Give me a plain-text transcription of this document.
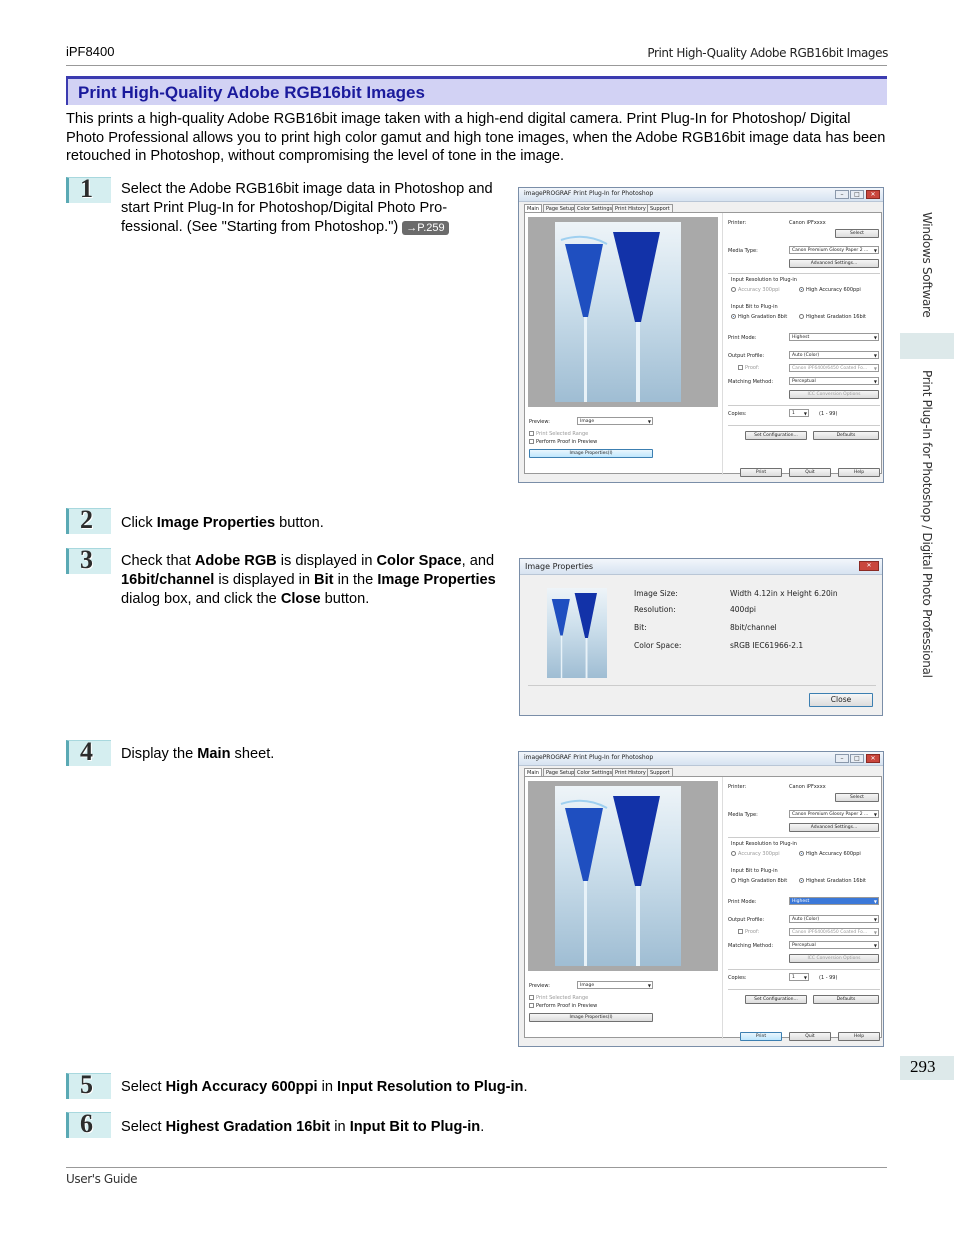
iPF8400	Print High-Quality Adobe RGB16bit Images
Print High-Quality Adobe RGB16bit Images
This prints a high-quality Adobe RGB16bit image taken with a high-end digital camera. Print Plug-In for Photoshop/ Digital Photo Professional allows you to print high color gamut and high tone images, when the Adobe RGB16bit image data has been retouched in Photoshop, without compromising the level of tone in the image.
1 Select the Adobe RGB16bit image data in Photoshop and start Print Plug-In for Photoshop/Digital Photo Pro-fessional. (See "Starting from Photoshop.") →P.259
imagePROGRAF Print Plug-In for Photoshop	–	□	✕
Main	Page Setup Color Settings Print History Support
Printer:	Canon iPFxxxx
Select
Media Type:	Canon Premium Glossy Paper 2 ... ▼
Advanced Settings...
Input Resolution to Plug-in
Accuracy 300ppi	High Accuracy 600ppi
Input Bit to Plug-in
High Gradation 8bit	Highest Gradation 16bit
Print Mode:	Highest ▼
Output Profile:	Auto (Color) ▼
Proof:	Canon iPF6400/6450 Coated Fo... ▼
Matching Method:	Perceptual ▼
ICC Conversion Options
Copies:	1 ▼	(1 - 99)
Set Configuration...	Defaults
Preview:	Image ▼
Print Selected Range
Perform Proof in Preview
Image Properties(I)
Print	Quit	Help
2 Click Image Properties button.
3 Check that Adobe RGB is displayed in Color Space, and 16bit/channel is displayed in Bit in the Image Properties dialog box, and click the Close button.
Image Properties	✕
Image Size:	Width 4.12in x Height 6.20in
Resolution:	400dpi
Bit:	8bit/channel
Color Space:	sRGB IEC61966-2.1
Close
4 Display the Main sheet.	imagePROGRAF Print Plug-In for Photoshop	–	□	✕
Main	Page Setup Color Settings Print History Support
Printer:	Canon iPFxxxx
Select
Media Type:	Canon Premium Glossy Paper 2 ... ▼
Advanced Settings...
Input Resolution to Plug-in
Accuracy 300ppi	High Accuracy 600ppi
Input Bit to Plug-in
High Gradation 8bit	Highest Gradation 16bit
Print Mode:	Highest ▼
Output Profile:	Auto (Color) ▼
Proof:	Canon iPF6400/6450 Coated Fo... ▼
Matching Method:	Perceptual ▼
ICC Conversion Options
Copies:	1 ▼	(1 - 99)
Set Configuration...	Defaults
Preview:	Image ▼
Print Selected Range
Perform Proof in Preview
Image Properties(I)
Print	Quit	Help
5 Select High Accuracy 600ppi in Input Resolution to Plug-in.
6 Select Highest Gradation 16bit in Input Bit to Plug-in.
Windows Software
Print Plug-In for Photoshop / Digital Photo Professional
293
User's Guide
